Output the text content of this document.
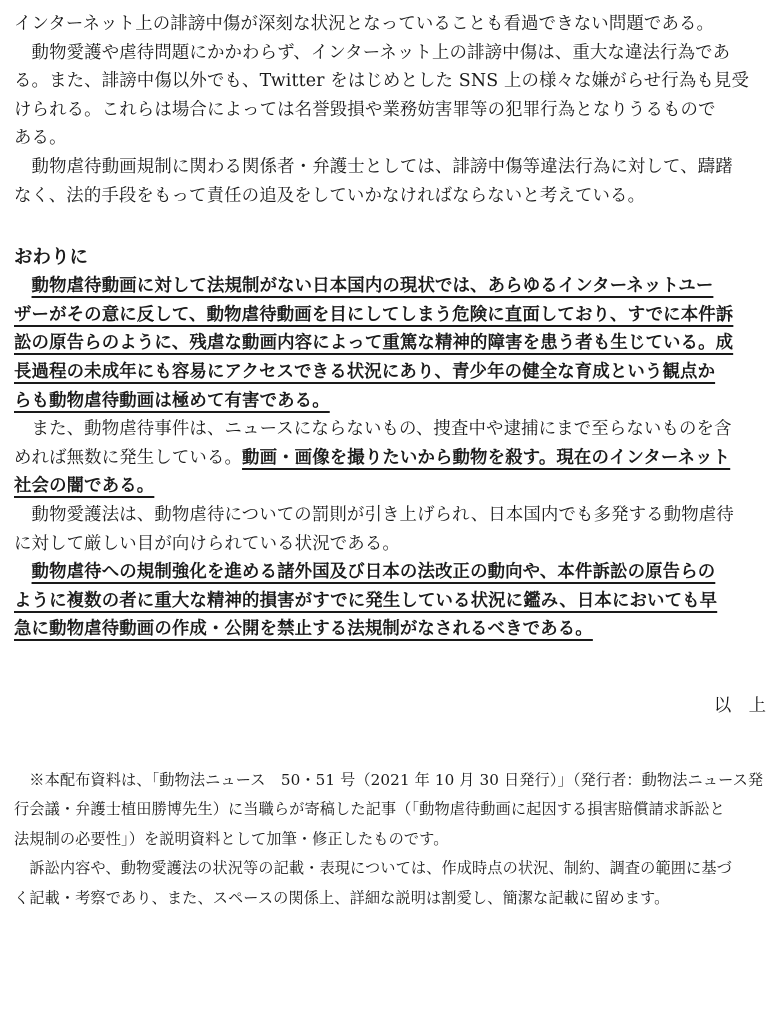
インターネット上の誹謗中傷が深刻な状況となっていることも看過できない問題である。

　動物愛護や虐待問題にかかわらず、インターネット上の誹謗中傷は、重大な違法行為であ

る。また、誹謗中傷以外でも、Twitter をはじめとした SNS 上の様々な嫌がらせ行為も見受

けられる。これらは場合によっては名誉毀損や業務妨害罪等の犯罪行為となりうるもので

ある。

　動物虐待動画規制に関わる関係者・弁護士としては、誹謗中傷等違法行為に対して、躊躇

なく、法的手段をもって責任の追及をしていかなければならないと考えている。

おわりに

　動物虐待動画に対して法規制がない日本国内の現状では、あらゆるインターネットユー

ザーがその意に反して、動物虐待動画を目にしてしまう危険に直面しており、すでに本件訴

訟の原告らのように、残虐な動画内容によって重篤な精神的障害を患う者も生じている。成

長過程の未成年にも容易にアクセスできる状況にあり、青少年の健全な育成という観点か

らも動物虐待動画は極めて有害である。

　また、動物虐待事件は、ニュースにならないもの、捜査中や逮捕にまで至らないものを含

めれば無数に発生している。動画・画像を撮りたいから動物を殺す。現在のインターネット

社会の闇である。

　動物愛護法は、動物虐待についての罰則が引き上げられ、日本国内でも多発する動物虐待

に対して厳しい目が向けられている状況である。

　動物虐待への規制強化を進める諸外国及び日本の法改正の動向や、本件訴訟の原告らの

ように複数の者に重大な精神的損害がすでに発生している状況に鑑み、日本においても早

急に動物虐待動画の作成・公開を禁止する法規制がなされるべきである。

以　上

　※本配布資料は、「動物法ニュース　50・51 号（2021 年 10 月 30 日発行）」（発行者：動物法ニュース発

行会議・弁護士植田勝博先生）に当職らが寄稿した記事（「動物虐待動画に起因する損害賠償請求訴訟と

法規制の必要性」）を説明資料として加筆・修正したものです。

　訴訟内容や、動物愛護法の状況等の記載・表現については、作成時点の状況、制約、調査の範囲に基づ

く記載・考察であり、また、スペースの関係上、詳細な説明は割愛し、簡潔な記載に留めます。
